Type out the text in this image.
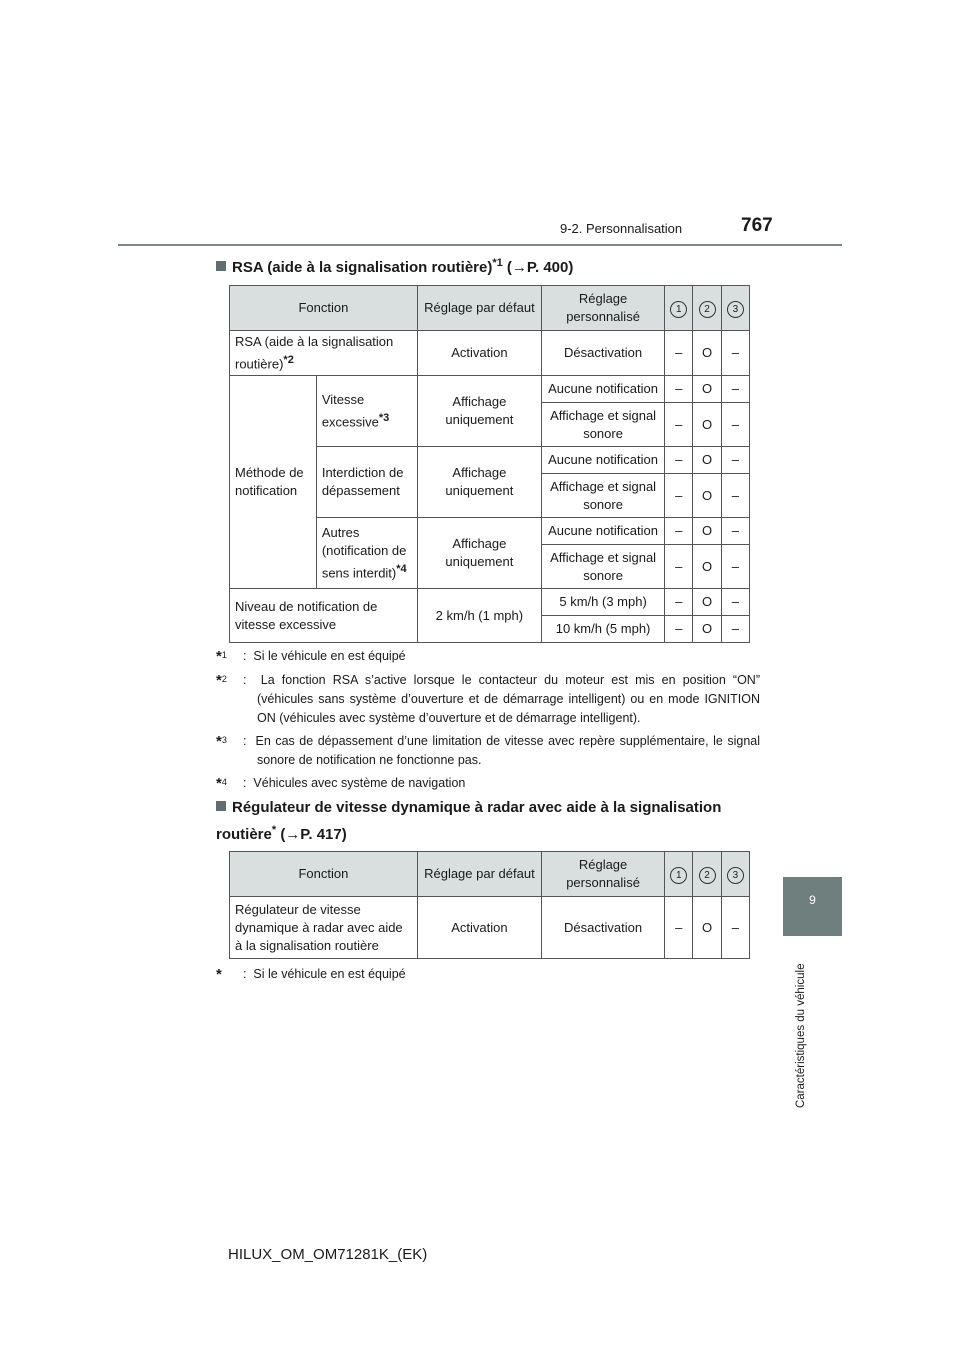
9-2. Personnalisation	767
9
Caractéristiques du véhicule
RSA (aide à la signalisation routière)$^{*1}$ (→P. 400)
Fonction		Réglage par défaut	Réglage personnalisé	1	2	3
RSA (aide à la signalisation routière)$^{*2}$		Activation	Désactivation	–	O	–
Méthode de notification	Vitesse excessive$^{*3}$	Affichage uniquement	Aucune notification	–	O	–
			Affichage et signal sonore	–	O	–
	Interdiction de dépassement	Affichage uniquement	Aucune notification	–	O	–
			Affichage et signal sonore	–	O	–
	Autres (notification de sens interdit)$^{*4}$	Affichage uniquement	Aucune notification	–	O	–
			Affichage et signal sonore	–	O	–
Niveau de notification de vitesse excessive		2 km/h (1 mph)	5 km/h (3 mph)	–	O	–
			10 km/h (5 mph)	–	O	–
*$^1$ :  Si le véhicule en est équipé
*$^2$ :  La fonction RSA s’active lorsque le contacteur du moteur est mis en position “ON” (véhicules sans système d’ouverture et de démarrage intelligent) ou en mode IGNITION ON (véhicules avec système d’ouverture et de démarrage intelligent).
*$^3$ :  En cas de dépassement d’une limitation de vitesse avec repère supplémentaire, le signal sonore de notification ne fonctionne pas.
*$^4$ :  Véhicules avec système de navigation
Régulateur de vitesse dynamique à radar avec aide à la signalisation routière* (→P. 417)
Fonction	Réglage par défaut	Réglage personnalisé	1	2	3
Régulateur de vitesse dynamique à radar avec aide à la signalisation routière	Activation	Désactivation	–	O	–
* :  Si le véhicule en est équipé
HILUX_OM_OM71281K_(EK)
